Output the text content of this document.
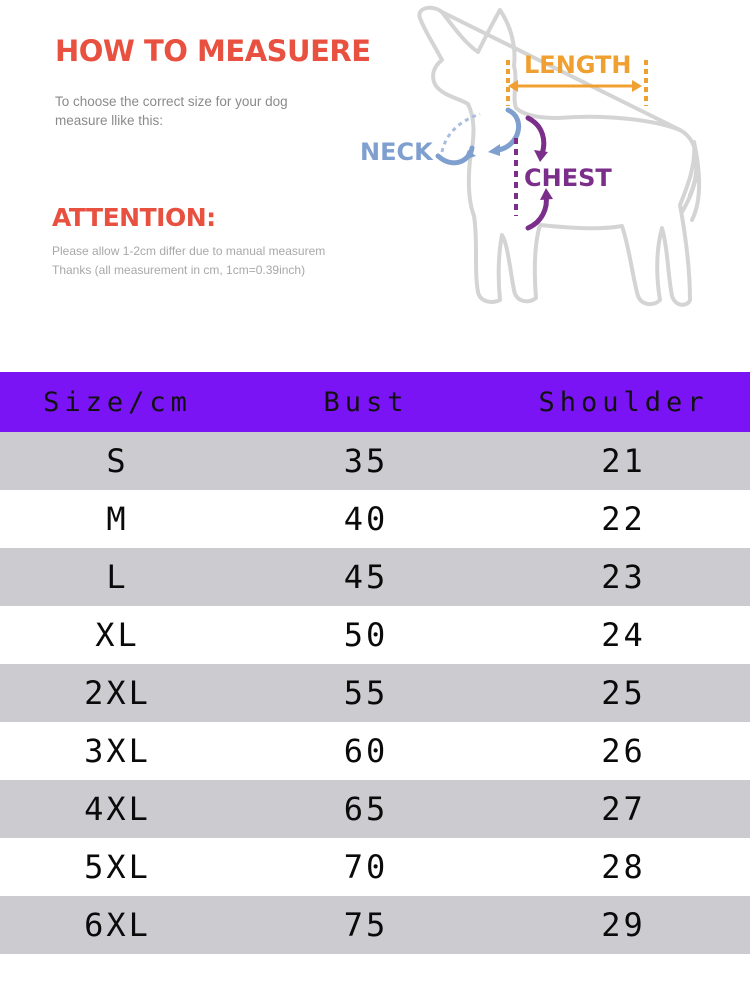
HOW TO MEASUERE

To choose the correct size for your dog
measure llike this:

ATTENTION:

Please allow 1-2cm differ due to manual measurem
Thanks (all measurement in cm, 1cm=0.39inch)

LENGTH
NECK
CHEST
Size/cm	Bust	Shoulder
S	35	21
M	40	22
L	45	23
XL	50	24
2XL	55	25
3XL	60	26
4XL	65	27
5XL	70	28
6XL	75	29
